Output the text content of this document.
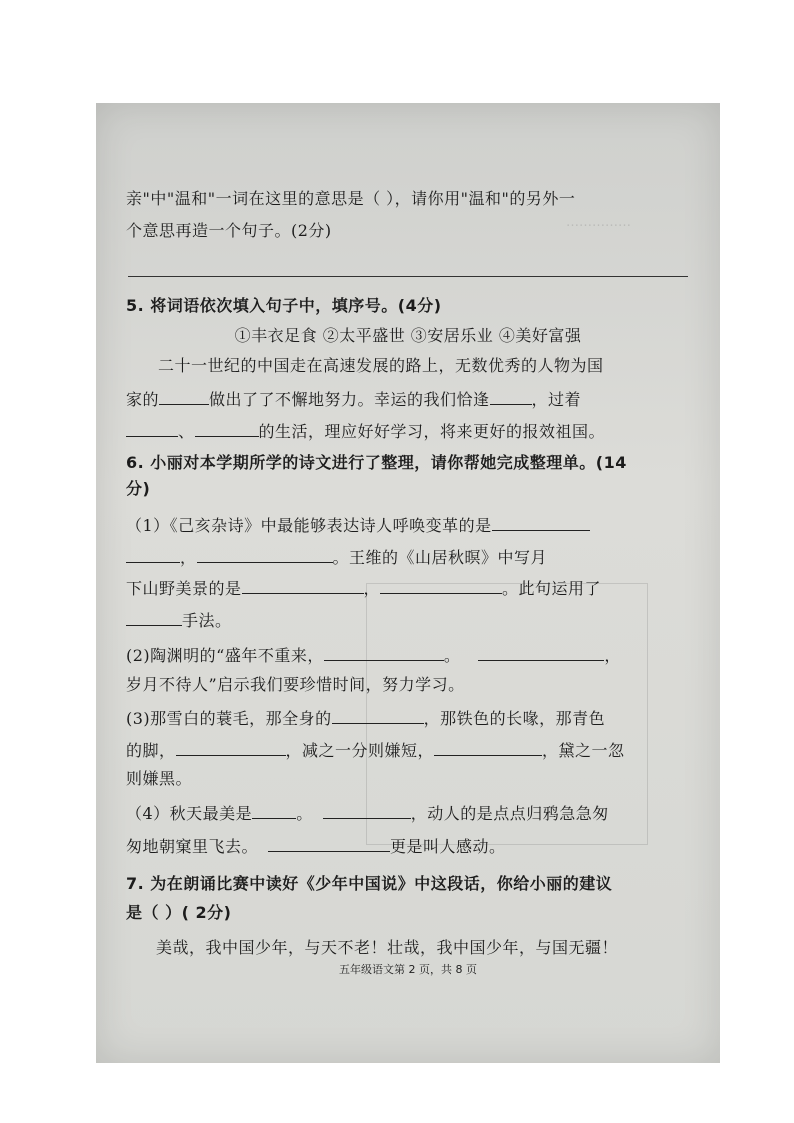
……………
亲"中"温和"一词在这里的意思是（ ），请你用"温和"的另外一
个意思再造一个句子。(2分)
5. 将词语依次填入句子中，填序号。(4分)
①丰衣足食 ②太平盛世 ③安居乐业 ④美好富强
二十一世纪的中国走在高速发展的路上，无数优秀的人物为国
家的	做出了了不懈地努力。幸运的我们恰逢	，过着
、	的生活，理应好好学习，将来更好的报效祖国。
6. 小丽对本学期所学的诗文进行了整理，请你帮她完成整理单。(14
分)
（1）《己亥杂诗》中最能够表达诗人呼唤变革的是
，	。王维的《山居秋暝》中写月
下山野美景的是	，	。此句运用了
手法。
(2)陶渊明的“盛年不重来，	。	，
岁月不待人”启示我们要珍惜时间，努力学习。
(3)那雪白的蓑毛，那全身的	，那铁色的长喙，那青色
的脚，	，减之一分则嫌短，	，黛之一忽
则嫌黑。
（4）秋天最美是	。	，动人的是点点归鸦急急匆
匆地朝窠里飞去。	更是叫人感动。
7. 为在朗诵比赛中读好《少年中国说》中这段话，你给小丽的建议
是（ ）( 2分)
美哉，我中国少年，与天不老！壮哉，我中国少年，与国无疆！
五年级语文第 2 页，共 8 页
